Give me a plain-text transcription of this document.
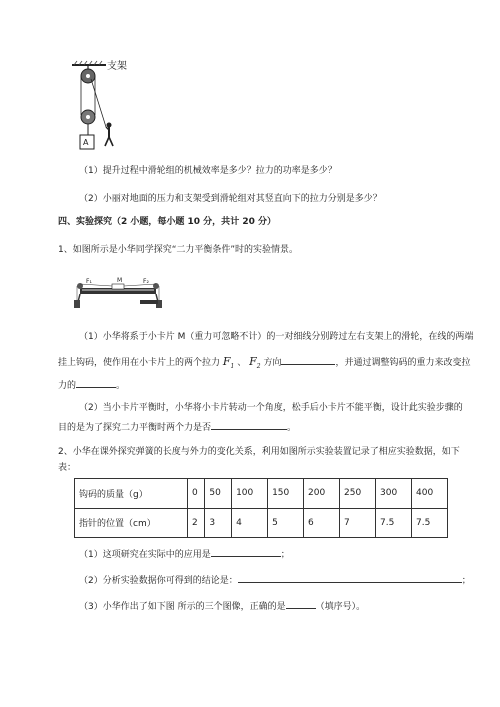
支架
A
（1）提升过程中滑轮组的机械效率是多少？拉力的功率是多少？
（2）小丽对地面的压力和支架受到滑轮组对其竖直向下的拉力分别是多少？
四、实验探究（2 小题，每小题 10 分，共计 20 分）
1、如图所示是小华同学探究“二力平衡条件”时的实验情景。
F₁	M	F₂
（1）小华将系于小卡片 M（重力可忽略不计）的一对细线分别跨过左右支架上的滑轮，在线的两端
挂上钩码，使作用在小卡片上的两个拉力 $F_1$ 、 $F_2$ 方向	，并通过调整钩码的重力来改变拉
力的	。
（2）当小卡片平衡时，小华将小卡片转动一个角度，松手后小卡片不能平衡，设计此实验步骤的
目的是为了探究二力平衡时两个力是否	。
2、小华在课外探究弹簧的长度与外力的变化关系，利用如图所示实验装置记录了相应实验数据，如下
表：
钩码的质量（g）	0	50	100	150	200	250	300	400
指针的位置（cm）	2	3	4	5	6	7	7.5	7.5
（1）这项研究在实际中的应用是	；
（2）分析实验数据你可得到的结论是：	；
（3）小华作出了如下图 所示的三个图像，正确的是	（填序号）。
